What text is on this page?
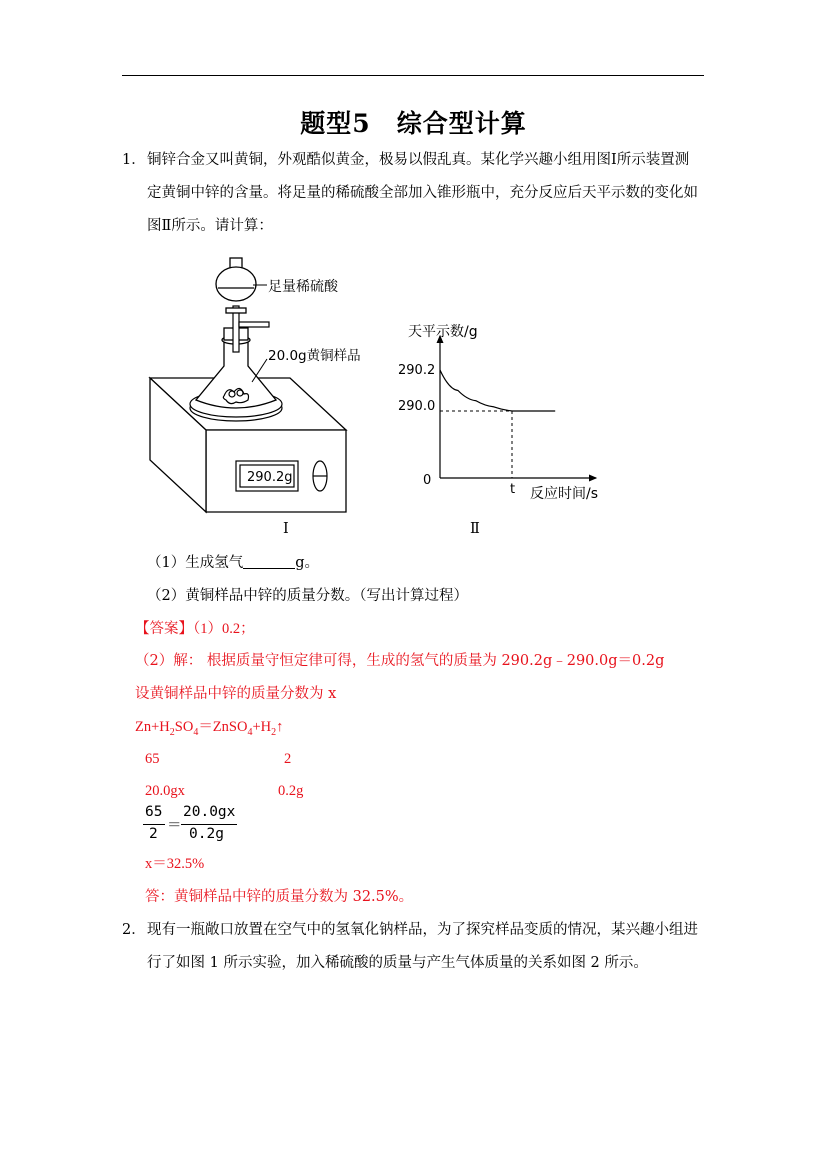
题型5　综合型计算
1． 铜锌合金又叫黄铜，外观酷似黄金，极易以假乱真。某化学兴趣小组用图Ⅰ所示装置测
定黄铜中锌的含量。将足量的稀硫酸全部加入锥形瓶中，充分反应后天平示数的变化如
图Ⅱ所示。请计算：
290.2g
足量稀硫酸
20.0g黄铜样品
Ⅰ
天平示数/g
反应时间/s
290.2
290.0
0
t
Ⅱ
（1）生成氢气	g。
（2）黄铜样品中锌的质量分数。（写出计算过程）
【答案】（1）0.2；
（2）解： 根据质量守恒定律可得，生成的氢气的质量为 290.2g﹣290.0g＝0.2g
设黄铜样品中锌的质量分数为 x
$Zn+H_2SO_4=ZnSO_4+H_2↑$
65	2
20.0gx	0.2g
65
2 ＝
20.0gx
0.2g
x＝32.5%
答：黄铜样品中锌的质量分数为 32.5%。
2． 现有一瓶敞口放置在空气中的氢氧化钠样品，为了探究样品变质的情况，某兴趣小组进
行了如图 1 所示实验，加入稀硫酸的质量与产生气体质量的关系如图 2 所示。
